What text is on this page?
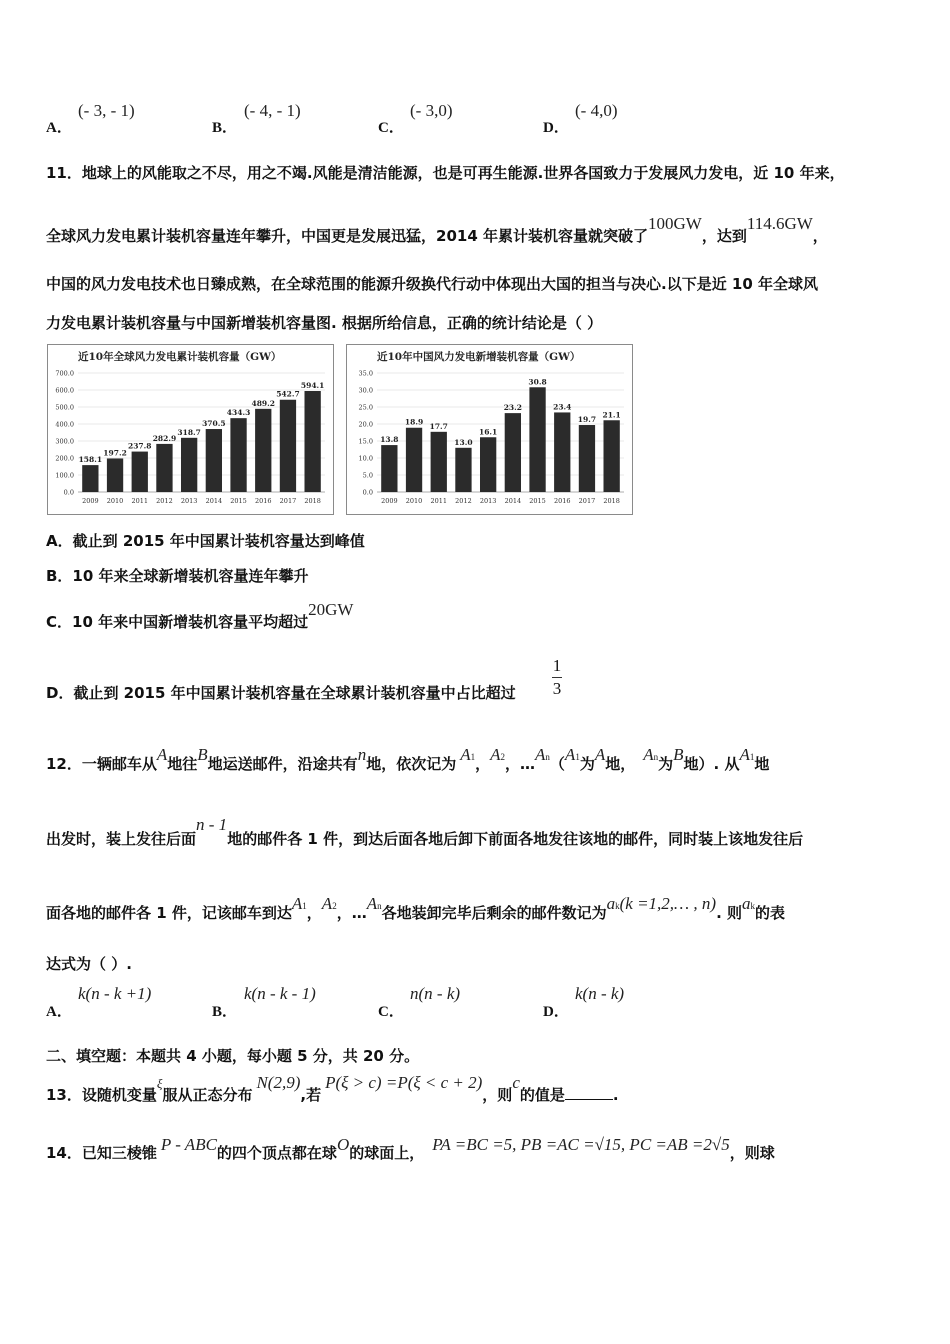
A．
(- 3, - 1)
B．
(- 4, - 1)
C．
(- 3,0)
D．
(- 4,0)
11．地球上的风能取之不尽，用之不竭.风能是清洁能源，也是可再生能源.世界各国致力于发展风力发电，近 10 年来，
全球风力发电累计装机容量连年攀升，中国更是发展迅猛，2014 年累计装机容量就突破了100GW，达到114.6GW，
中国的风力发电技术也日臻成熟，在全球范围的能源升级换代行动中体现出大国的担当与决心.以下是近 10 年全球风
力发电累计装机容量与中国新增装机容量图. 根据所给信息，正确的统计结论是（ ）
近10年全球风力发电累计装机容量（GW）
0.0
100.0
200.0
300.0
400.0
500.0
600.0
700.0
158.1
2009
197.2
2010
237.8
2011
282.9
2012
318.7
2013
370.5
2014
434.3
2015
489.2
2016
542.7
2017
594.1
2018
近10年中国风力发电新增装机容量（GW）
0.0
5.0
10.0
15.0
20.0
25.0
30.0
35.0
13.8
2009
18.9
2010
17.7
2011
13.0
2012
16.1
2013
23.2
2014
30.8
2015
23.4
2016
19.7
2017
21.1
2018
A．截止到 2015 年中国累计装机容量达到峰值
B．10 年来全球新增装机容量连年攀升
C．10 年来中国新增装机容量平均超过20GW
D．截止到 2015 年中国累计装机容量在全球累计装机容量中占比超过
1
3
12．一辆邮车从A地往B地运送邮件，沿途共有n地，依次记为 A1，A2，…An（A1为A地， An为B地）. 从A1地
出发时，装上发往后面n - 1地的邮件各 1 件，到达后面各地后卸下前面各地发往该地的邮件，同时装上该地发往后
面各地的邮件各 1 件，记该邮车到达A1，A2，…An各地装卸完毕后剩余的邮件数记为ak(k =1,2,… , n). 则ak的表
达式为（ ）.
A．
k(n - k +1)
B．
k(n - k - 1)
C．
n(n - k)
D．
k(n - k)
二、填空题：本题共 4 小题，每小题 5 分，共 20 分。
13．设随机变量ξ服从正态分布N(2,9),若P(ξ > c) =P(ξ < c + 2)，则c的值是	.
14．已知三棱锥 P - ABC的四个顶点都在球O的球面上， PA =BC =5, PB =AC =√15, PC =AB =2√5，则球
